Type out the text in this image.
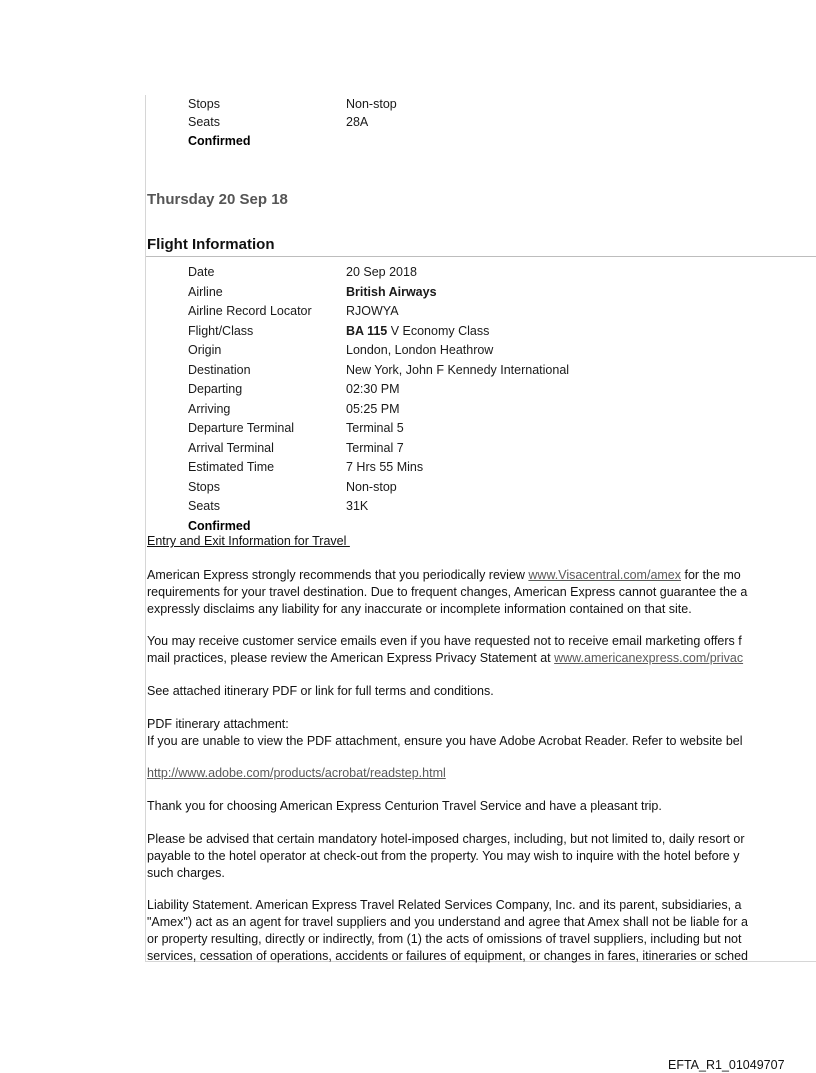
Stops	Non-stop
Seats	28A
Confirmed
Thursday 20 Sep 18
Flight Information
Date	20 Sep 2018
Airline	British Airways
Airline Record Locator	RJOWYA
Flight/Class	BA 115 V Economy Class
Origin	London, London Heathrow
Destination	New York, John F Kennedy International
Departing	02:30 PM
Arriving	05:25 PM
Departure Terminal	Terminal 5
Arrival Terminal	Terminal 7
Estimated Time	7 Hrs 55 Mins
Stops	Non-stop
Seats	31K
Confirmed
Entry and Exit Information for Travel

American Express strongly recommends that you periodically review www.Visacentral.com/amex for the mo
requirements for your travel destination. Due to frequent changes, American Express cannot guarantee the a
expressly disclaims any liability for any inaccurate or incomplete information contained on that site.

You may receive customer service emails even if you have requested not to receive email marketing offers f
mail practices, please review the American Express Privacy Statement at www.americanexpress.com/privac

See attached itinerary PDF or link for full terms and conditions.

PDF itinerary attachment:
If you are unable to view the PDF attachment, ensure you have Adobe Acrobat Reader. Refer to website bel

http://www.adobe.com/products/acrobat/readstep.html

Thank you for choosing American Express Centurion Travel Service and have a pleasant trip.

Please be advised that certain mandatory hotel-imposed charges, including, but not limited to, daily resort or
payable to the hotel operator at check-out from the property. You may wish to inquire with the hotel before y
such charges.

Liability Statement. American Express Travel Related Services Company, Inc. and its parent, subsidiaries, a
"Amex") act as an agent for travel suppliers and you understand and agree that Amex shall not be liable for a
or property resulting, directly or indirectly, from (1) the acts of omissions of travel suppliers, including but not
services, cessation of operations, accidents or failures of equipment, or changes in fares, itineraries or sched

EFTA_R1_01049707
